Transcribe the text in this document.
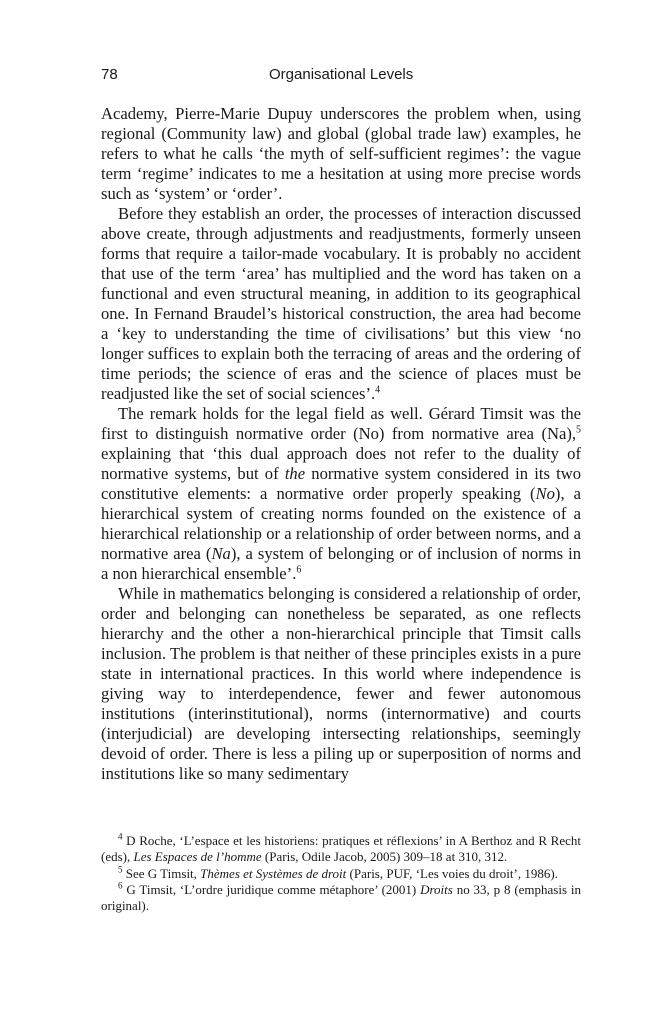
78	Organisational Levels

Academy, Pierre-Marie Dupuy underscores the problem when, using regional (Community law) and global (global trade law) examples, he refers to what he calls ‘the myth of self-sufficient regimes’: the vague term ‘regime’ indicates to me a hesitation at using more precise words such as ‘system’ or ‘order’.

Before they establish an order, the processes of interaction discussed above create, through adjustments and readjustments, formerly unseen forms that require a tailor-made vocabulary. It is probably no accident that use of the term ‘area’ has multiplied and the word has taken on a functional and even structural meaning, in addition to its geographical one. In Fernand Braudel’s historical construction, the area had become a ‘key to understanding the time of civilisations’ but this view ‘no longer suffices to explain both the terracing of areas and the ordering of time periods; the science of eras and the science of places must be readjusted like the set of social sciences’.$^4$

The remark holds for the legal field as well. Gérard Timsit was the first to distinguish normative order (No) from normative area (Na),$^5$ explaining that ‘this dual approach does not refer to the duality of normative systems, but of the normative system considered in its two constitutive elements: a normative order properly speaking (No), a hierarchical system of creating norms founded on the existence of a hierarchical relationship or a relationship of order between norms, and a normative area (Na), a system of belonging or of inclusion of norms in a non hierarchical ensemble’.$^6$

While in mathematics belonging is considered a relationship of order, order and belonging can nonetheless be separated, as one reflects hierarchy and the other a non-hierarchical principle that Timsit calls inclusion. The problem is that neither of these principles exists in a pure state in international practices. In this world where independence is giving way to interdependence, fewer and fewer autonomous institutions (interinstitutional), norms (internormative) and courts (interjudicial) are developing intersecting relationships, seemingly devoid of order. There is less a piling up or superposition of norms and institutions like so many sedimentary

$^4$ D Roche, ‘L’espace et les historiens: pratiques et réflexions’ in A Berthoz and R Recht (eds), Les Espaces de l’homme (Paris, Odile Jacob, 2005) 309–18 at 310, 312.

$^5$ See G Timsit, Thèmes et Systèmes de droit (Paris, PUF, ‘Les voies du droit’, 1986).

$^6$ G Timsit, ‘L’ordre juridique comme métaphore’ (2001) Droits no 33, p 8 (emphasis in original).
